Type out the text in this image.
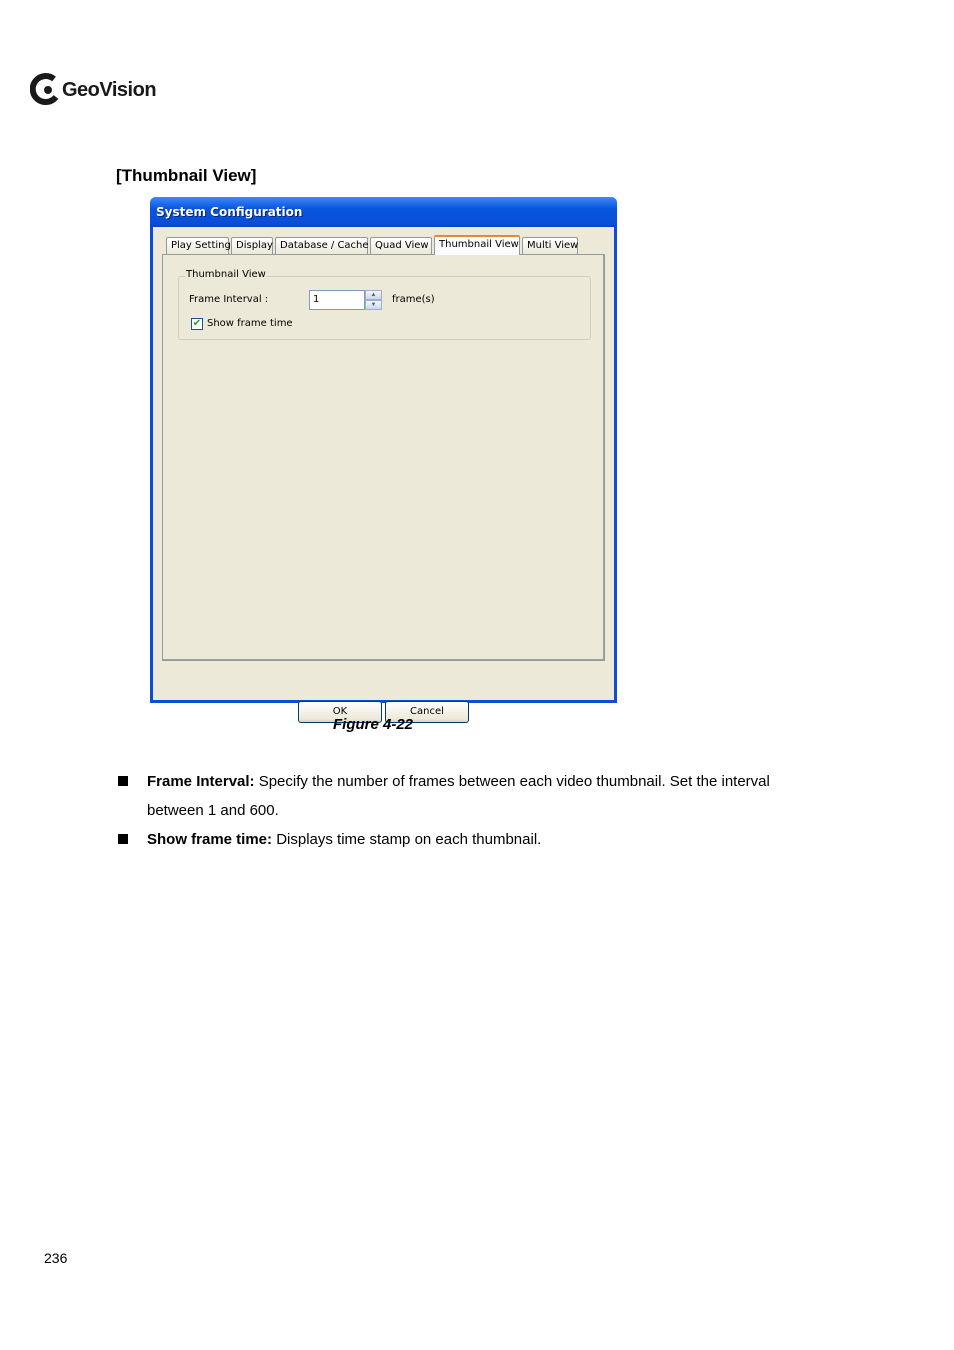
GeoVision
[Thumbnail View]
System Configuration
Play Setting Display Database / Cache Quad View	Thumbnail View Multi View
Thumbnail View
Frame Interval :	1	▲
▼	frame(s)
✔ Show frame time
OK	Cancel
Figure 4-22
Frame Interval: Specify the number of frames between each video thumbnail. Set the interval
between 1 and 600.
Show frame time: Displays time stamp on each thumbnail.
236
